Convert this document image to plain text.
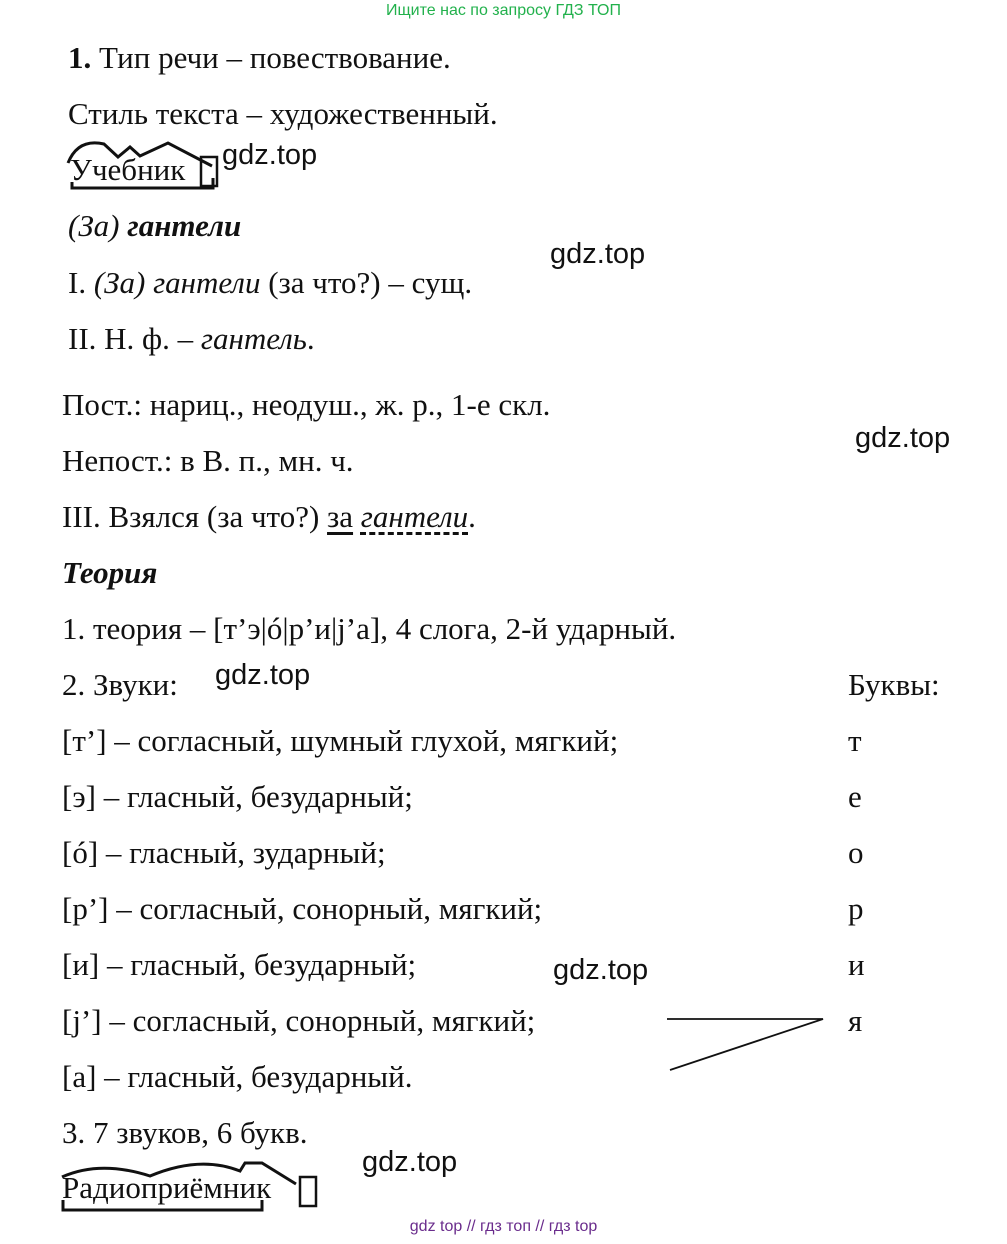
Ищите нас по запросу ГДЗ ТОП
1. Тип речи – повествование.
Стиль текста – художественный.
Учебник gdz.top
(За) гантели
gdz.top
I. (За) гантели (за что?) – сущ.
II. Н. ф. – гантель.
Пост.: нариц., неодуш., ж. р., 1-е скл.
gdz.top
Непост.: в В. п., мн. ч.
III. Взялся (за что?) за гантели.
Теория
1. теория – [т’э|ó|р’и|j’а], 4 слога, 2-й ударный.
2. Звуки: gdz.top	Буквы:
[т’] – согласный, шумный глухой, мягкий;	т
[э] – гласный, безударный;	е
[ó] – гласный, зударный;	о
[р’] – согласный, сонорный, мягкий;	р
[и] – гласный, безударный;	и
gdz.top
[j’] – согласный, сонорный, мягкий;	я
[а] – гласный, безударный.
3. 7 звуков, 6 букв.
gdz.top
Радиоприёмник
gdz top // гдз топ // гдз top
